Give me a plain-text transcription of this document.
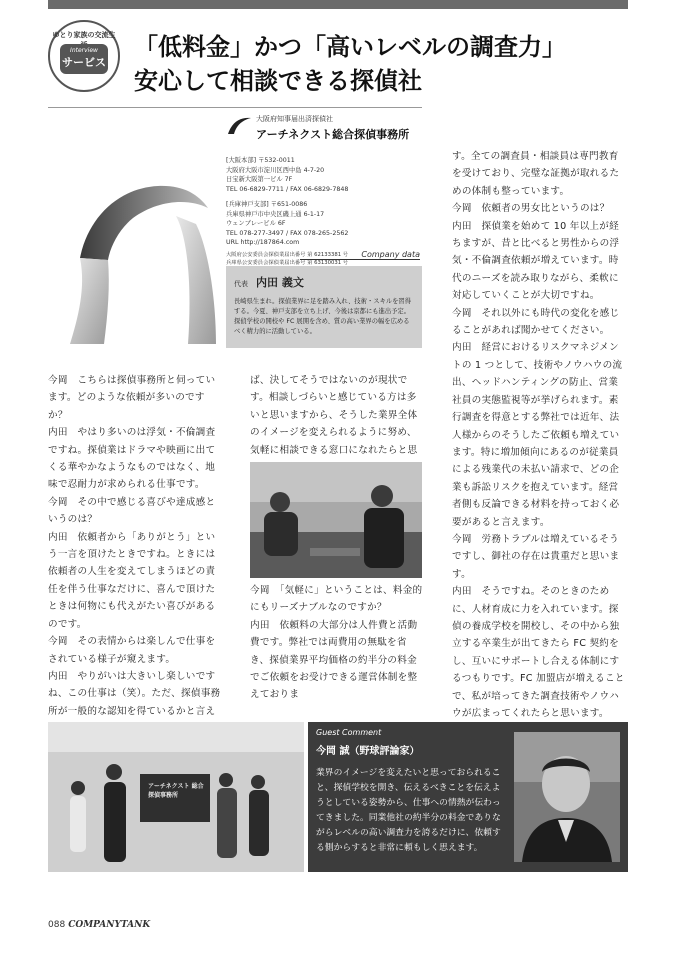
ゆとり家族の交流生
Interview
サービス
「低料金」かつ「高いレベルの調査力」
安心して相談できる探偵社
大阪府知事届出済探偵社
アーチネクスト総合探偵事務所
[大阪本部] 〒532-0011
大阪府大阪市淀川区西中島 4-7-20
日宝新大阪第一ビル 7F
TEL 06-6829-7711 / FAX 06-6829-7848
[兵庫神戸支部] 〒651-0086
兵庫県神戸市中央区磯上通 6-1-17
ウェンブレービル 6F
TEL 078-277-3497 / FAX 078-265-2562
URL http://187864.com
大阪府公安委員会探偵業届出番号 第 62133381 号
兵庫県公安委員会探偵業届出番号 第 63130031 号
Company data
代表 内田 義文
長崎県生まれ。探偵業界に足を踏み入れ、技術・スキルを習得する。今夏、神戸支部を立ち上げ、今後は京都にも進出予定。探偵学校の開校や FC 展開を含め、質の高い業界の幅を広めるべく精力的に活動している。

今岡　こちらは探偵事務所と伺っています。どのような依頼が多いのですか？

内田　やはり多いのは浮気・不倫調査ですね。探偵業はドラマや映画に出てくる華やかなようなものではなく、地味で忍耐力が求められる仕事です。

今岡　その中で感じる喜びや達成感というのは？

内田　依頼者から「ありがとう」という一言を頂けたときですね。ときには依頼者の人生を変えてしまうほどの責任を伴う仕事なだけに、喜んで頂けたときは何物にも代えがたい喜びがあるのです。

今岡　その表情からは楽しんで仕事をされている様子が窺えます。

内田　やりがいは大きいし楽しいですね、この仕事は（笑）。ただ、探偵事務所が一般的な認知を得ているかと言え

ば、決してそうではないのが現状です。相談しづらいと感じている方は多いと思いますから、そうした業界全体のイメージを変えられるように努め、気軽に相談できる窓口になれたらと思

今岡　「気軽に」ということは、料金的にもリーズナブルなのですか？

内田　依頼料の大部分は人件費と活動費です。弊社では両費用の無駄を省き、探偵業界平均価格の約半分の料金でご依頼をお受けできる運営体制を整えておりま

す。全ての調査員・相談員は専門教育を受けており、完璧な証拠が取れるための体制も整っています。

今岡　依頼者の男女比というのは？

内田　探偵業を始めて 10 年以上が経ちますが、昔と比べると男性からの浮気・不倫調査依頼が増えています。時代のニーズを読み取りながら、柔軟に対応していくことが大切ですね。

今岡　それ以外にも時代の変化を感じることがあれば聞かせてください。

内田　経営におけるリスクマネジメントの 1 つとして、技術やノウハウの流出、ヘッドハンティングの防止、営業社員の実態監視等が挙げられます。素行調査を得意とする弊社では近年、法人様からのそうしたご依頼も増えています。特に増加傾向にあるのが従業員による残業代の未払い請求で、どの企業も訴訟リスクを抱えています。経営者側も反論できる材料を持っておく必要があると言えます。

今岡　労務トラブルは増えているそうですし、御社の存在は貴重だと思います。

内田　そうですね。そのときのために、人材育成に力を入れています。探偵の養成学校を開校し、その中から独立する卒業生が出てきたら FC 契約をし、互いにサポートし合える体制にするつもりです。FC 加盟店が増えることで、私が培ってきた調査技術やノウハウが広まってくれたらと思います。

アーチネクスト 総合探偵事務所
Guest Comment
今岡 誠（野球評論家）
業界のイメージを変えたいと思っておられること、探偵学校を開き、伝えるべきことを伝えようとしている姿勢から、仕事への情熱が伝わってきました。同業他社の約半分の料金でありながらレベルの高い調査力を誇るだけに、依頼する側からすると非常に頼もしく思えます。
088 COMPANYTANK
